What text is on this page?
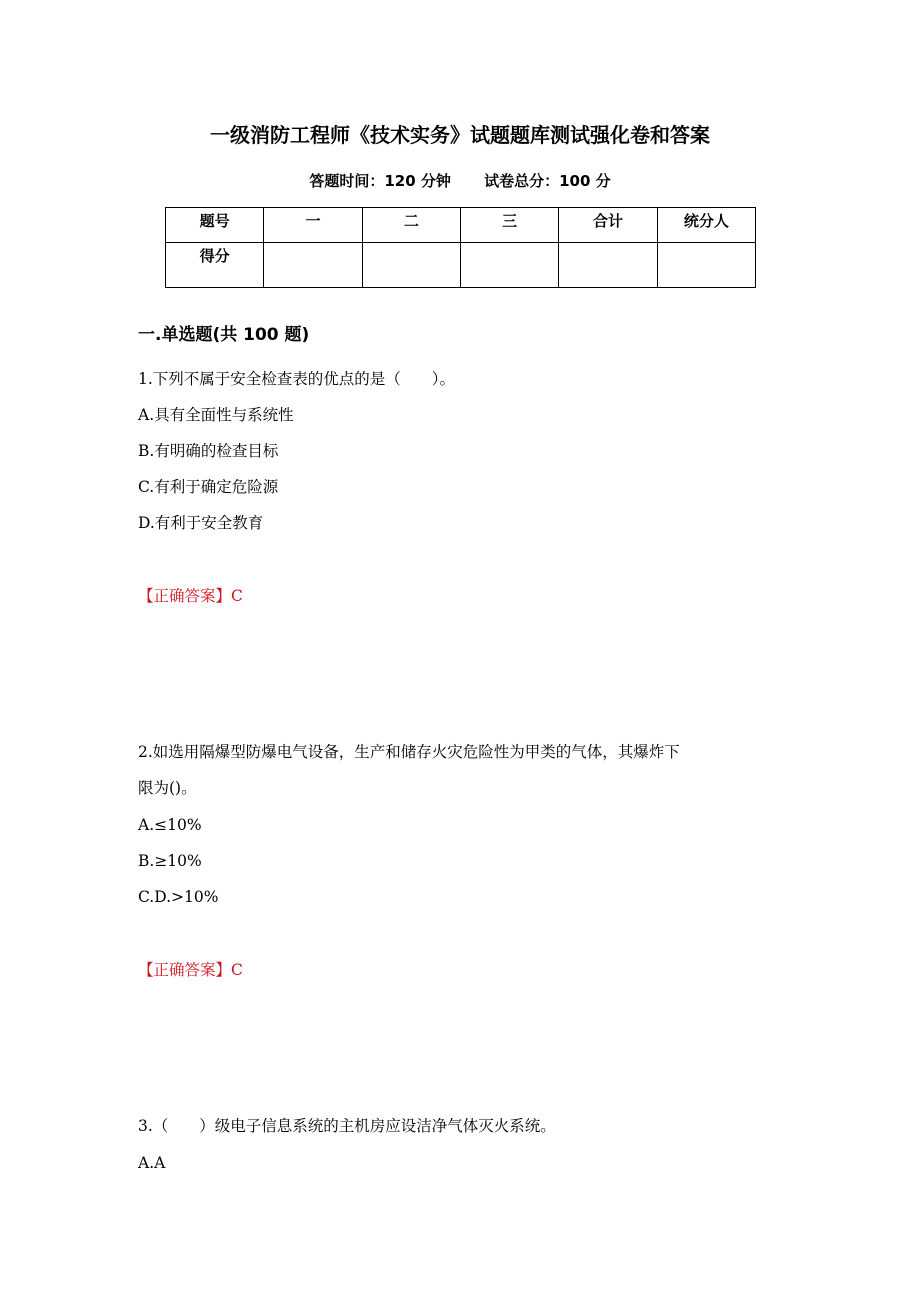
一级消防工程师《技术实务》试题题库测试强化卷和答案
答题时间：120 分钟 试卷总分：100 分
题号	一	二	三	合计	统分人
得分					
一.单选题(共 100 题)
1.下列不属于安全检查表的优点的是（　　）。
A.具有全面性与系统性
B.有明确的检查目标
C.有利于确定危险源
D.有利于安全教育
【正确答案】C
2.如选用隔爆型防爆电气设备，生产和储存火灾危险性为甲类的气体，其爆炸下
限为()。
A.≤10%
B.≥10%
C.D.>10%
【正确答案】C
3.（　　）级电子信息系统的主机房应设洁净气体灭火系统。
A.A
